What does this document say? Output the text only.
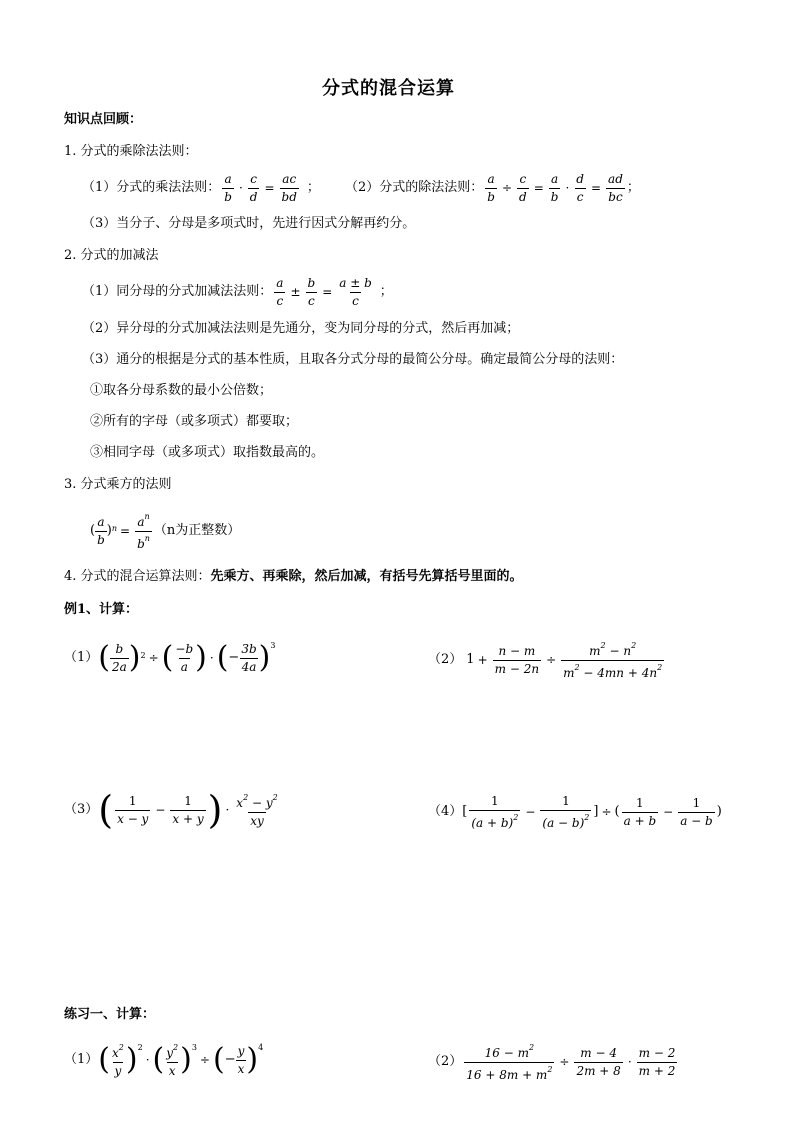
分式的混合运算
知识点回顾：
1. 分式的乘除法法则：
（1）分式的乘法法则： $\frac{a}{b} \cdot \frac{c}{d} = \frac{ac}{bd}$ ； （2）分式的除法法则： $\frac{a}{b} \div \frac{c}{d} = \frac{a}{b} \cdot \frac{d}{c} = \frac{ad}{bc}$ ；
（3）当分子、分母是多项式时，先进行因式分解再约分。
2. 分式的加减法
（1）同分母的分式加减法法则： $\frac{a}{c} \pm \frac{b}{c} = \frac{a \pm b}{c}$ ；
（2）异分母的分式加减法法则是先通分，变为同分母的分式，然后再加减；
（3）通分的根据是分式的基本性质，且取各分式分母的最简公分母。确定最简公分母的法则：
①取各分母系数的最小公倍数；
②所有的字母（或多项式）都要取；
③相同字母（或多项式）取指数最高的。
3. 分式乘方的法则
( $\frac{a}{b}$ ) $n = \frac{a^n}{b^n} (n$为正整数）
4. 分式的混合运算法则：先乘方、再乘除，然后加减，有括号先算括号里面的。
例1、计算：
（1） ( $\frac{b}{2a}$ ) 2 ÷ ( $\frac{-b}{a}$ ) · ( − $\frac{3b}{4a}$ ) 3
（2） $1 + \frac{n - m}{m - 2n} \div \frac{m^2 - n^2}{m^2 - 4mn + 4n^2}$
（3） ( $\frac{1}{x - y} - \frac{1}{x + y}$ ) · $\frac{x^2 - y^2}{xy}$	（4） [ $\frac{1}{(a + b)^2} - \frac{1}{(a - b)^2}$ ] ÷ ( $\frac{1}{a + b} - \frac{1}{a - b}$ )
练习一、计算：
（1） ( $\frac{x^2}{y}$ ) 2
· ( $\frac{y^2}{x}$ ) 3
÷ ( − $\frac{y}{x}$ ) 4
$(2) \frac{16 - m^2}{16 + 8m + m^2} \div \frac{m - 4}{2m + 8} \cdot \frac{m - 2}{m + 2}$
